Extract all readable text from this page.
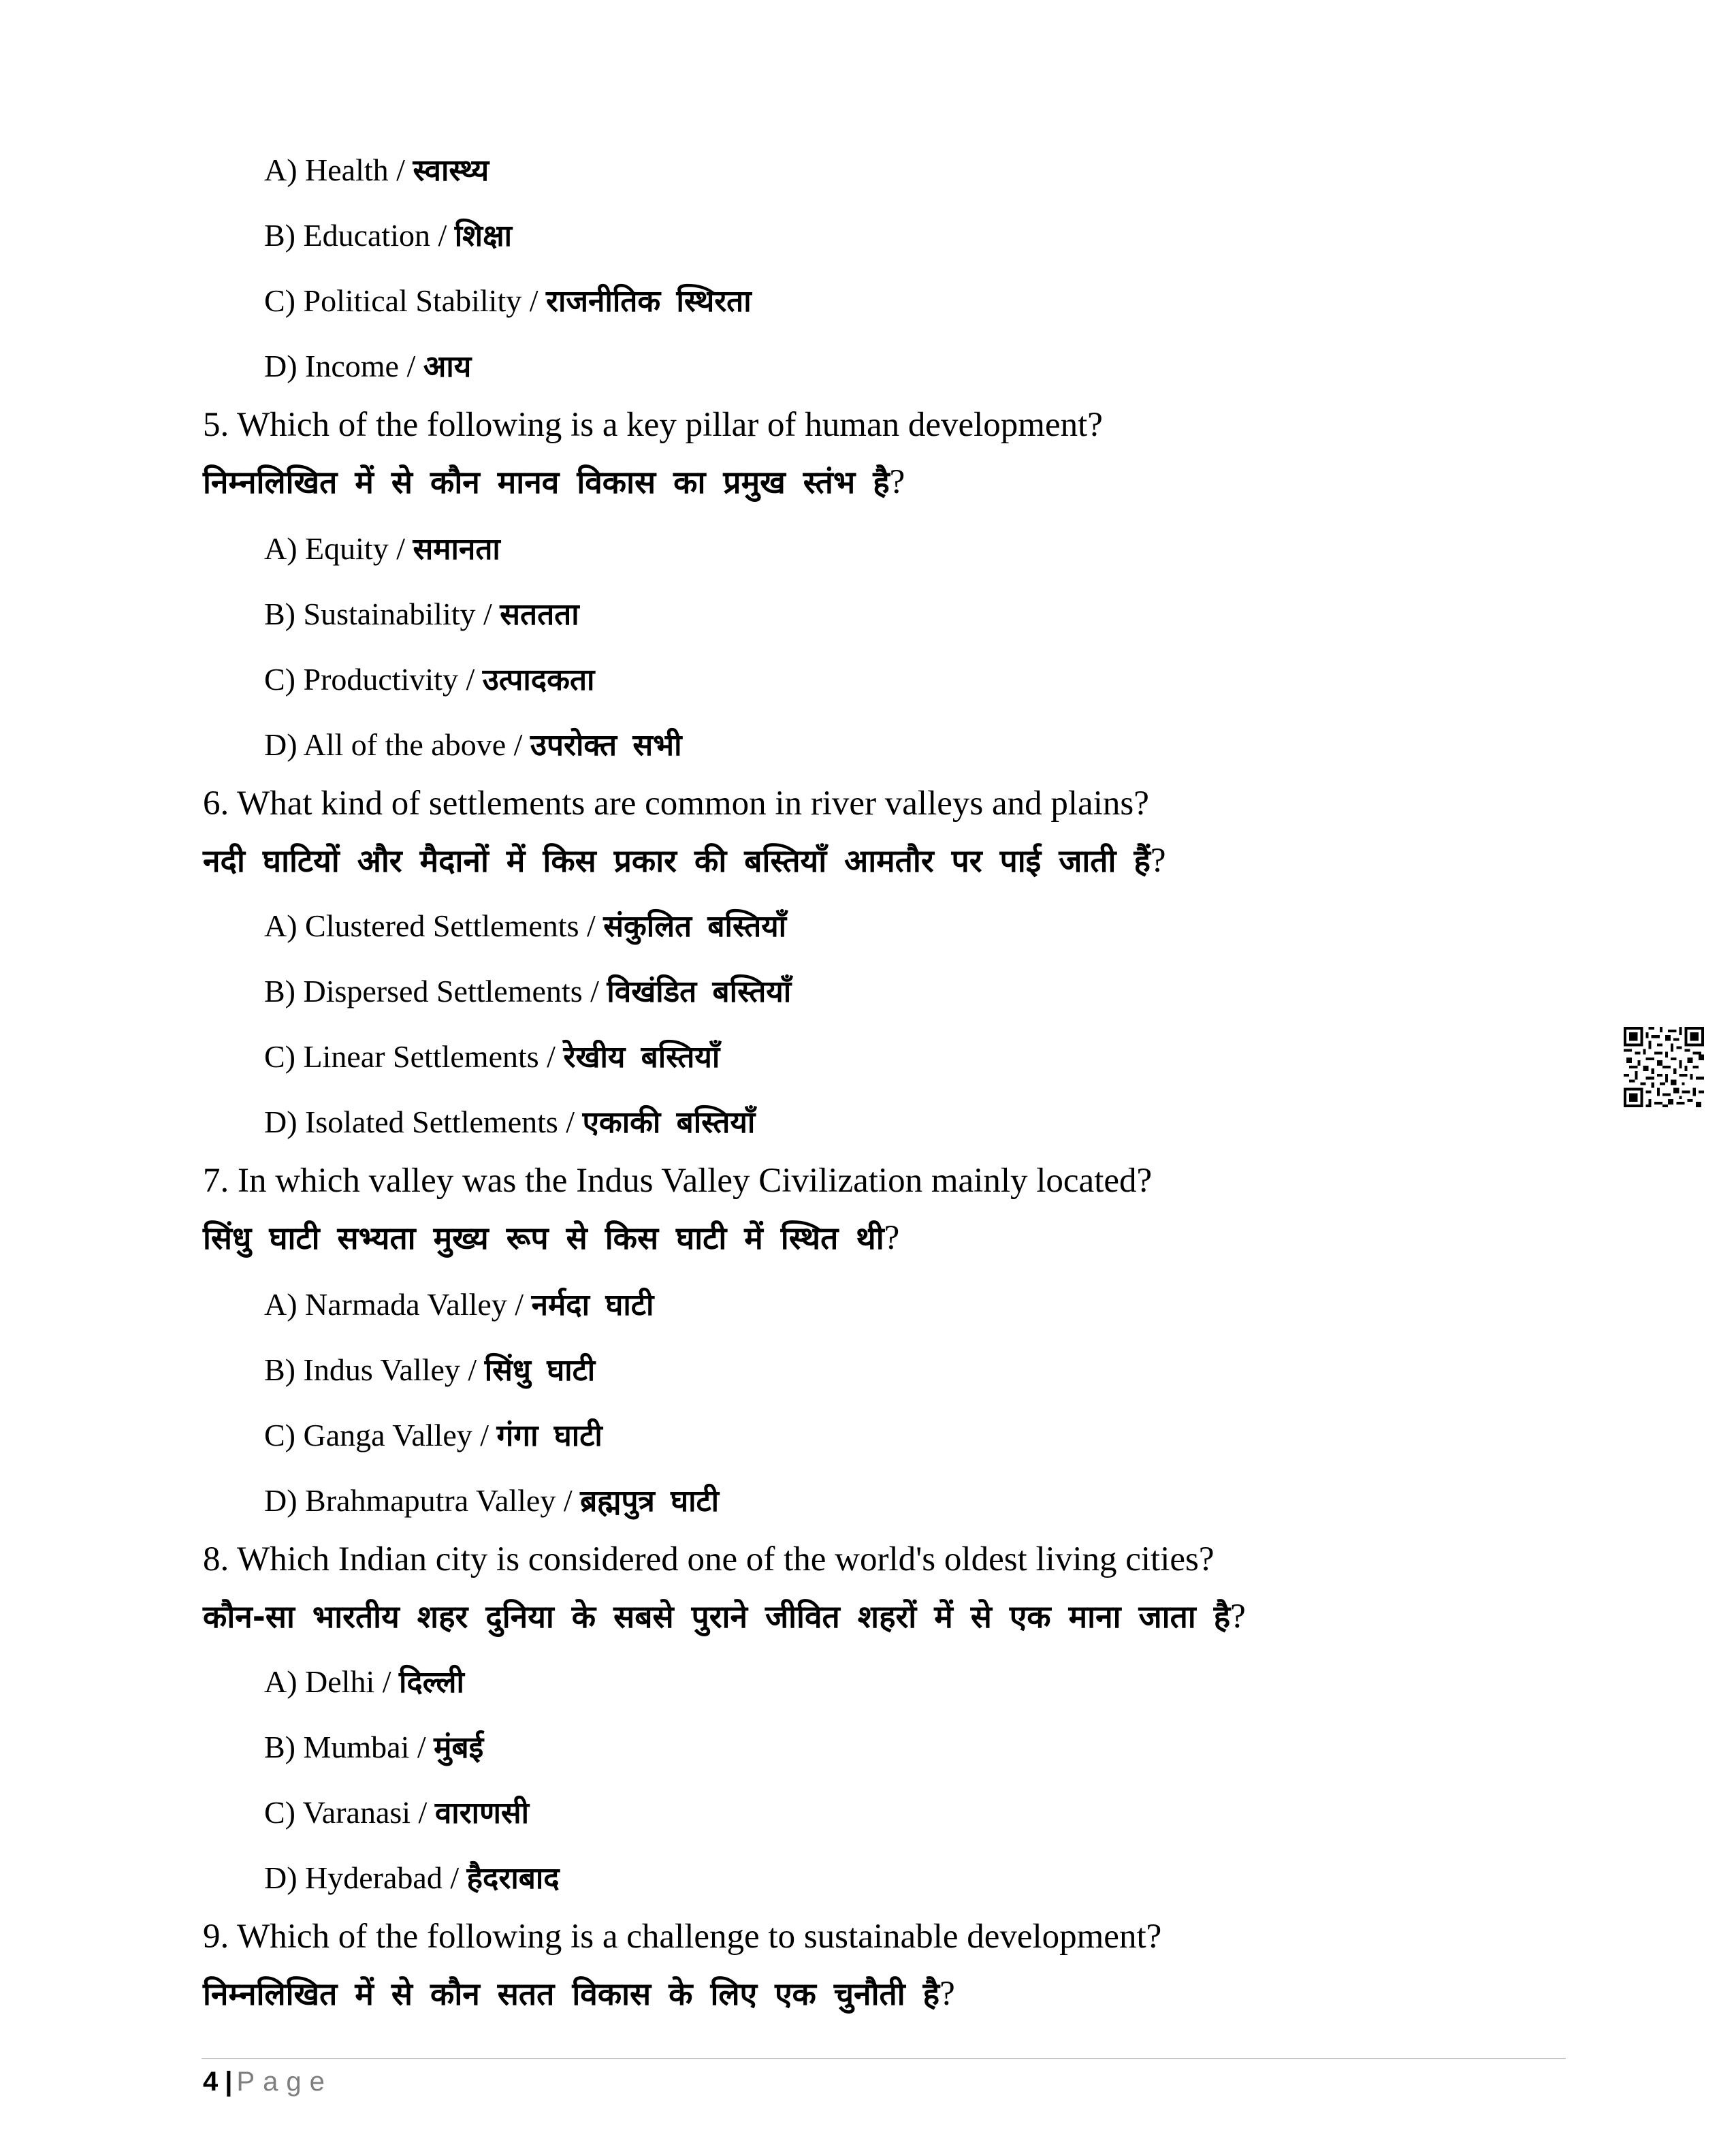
A) Health / स्वास्थ्य
B) Education / शिक्षा
C) Political Stability / राजनीतिक स्थिरता
D) Income / आय
5. Which of the following is a key pillar of human development?
निम्नलिखित में से कौन मानव विकास का प्रमुख स्तंभ है?
A) Equity / समानता
B) Sustainability / सततता
C) Productivity / उत्पादकता
D) All of the above / उपरोक्त सभी
6. What kind of settlements are common in river valleys and plains?
नदी घाटियों और मैदानों में किस प्रकार की बस्तियाँ आमतौर पर पाई जाती हैं?
A) Clustered Settlements / संकुलित बस्तियाँ
B) Dispersed Settlements / विखंडित बस्तियाँ
C) Linear Settlements / रेखीय बस्तियाँ
D) Isolated Settlements / एकाकी बस्तियाँ
7. In which valley was the Indus Valley Civilization mainly located?
सिंधु घाटी सभ्यता मुख्य रूप से किस घाटी में स्थित थी?
A) Narmada Valley / नर्मदा घाटी
B) Indus Valley / सिंधु घाटी
C) Ganga Valley / गंगा घाटी
D) Brahmaputra Valley / ब्रह्मपुत्र घाटी
8. Which Indian city is considered one of the world's oldest living cities?
कौन-सा भारतीय शहर दुनिया के सबसे पुराने जीवित शहरों में से एक माना जाता है?
A) Delhi / दिल्ली
B) Mumbai / मुंबई
C) Varanasi / वाराणसी
D) Hyderabad / हैदराबाद
9. Which of the following is a challenge to sustainable development?
निम्नलिखित में से कौन सतत विकास के लिए एक चुनौती है?
4 | Page
